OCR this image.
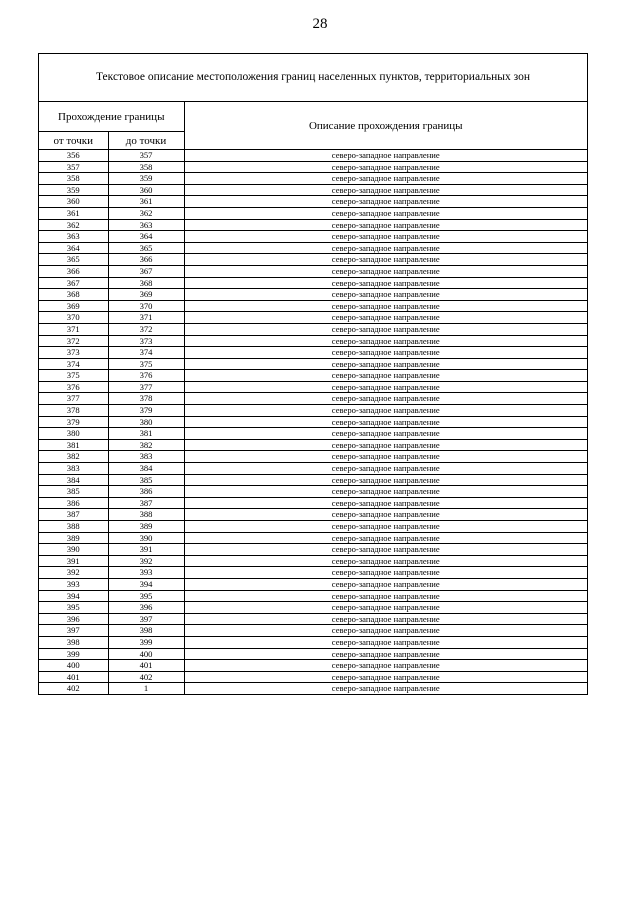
28
Текстовое описание местоположения границ населенных пунктов, территориальных зон
Прохождение границы		Описание прохождения границы
от точки	до точки	
356	357	северо-западное направление
357	358	северо-западное направление
358	359	северо-западное направление
359	360	северо-западное направление
360	361	северо-западное направление
361	362	северо-западное направление
362	363	северо-западное направление
363	364	северо-западное направление
364	365	северо-западное направление
365	366	северо-западное направление
366	367	северо-западное направление
367	368	северо-западное направление
368	369	северо-западное направление
369	370	северо-западное направление
370	371	северо-западное направление
371	372	северо-западное направление
372	373	северо-западное направление
373	374	северо-западное направление
374	375	северо-западное направление
375	376	северо-западное направление
376	377	северо-западное направление
377	378	северо-западное направление
378	379	северо-западное направление
379	380	северо-западное направление
380	381	северо-западное направление
381	382	северо-западное направление
382	383	северо-западное направление
383	384	северо-западное направление
384	385	северо-западное направление
385	386	северо-западное направление
386	387	северо-западное направление
387	388	северо-западное направление
388	389	северо-западное направление
389	390	северо-западное направление
390	391	северо-западное направление
391	392	северо-западное направление
392	393	северо-западное направление
393	394	северо-западное направление
394	395	северо-западное направление
395	396	северо-западное направление
396	397	северо-западное направление
397	398	северо-западное направление
398	399	северо-западное направление
399	400	северо-западное направление
400	401	северо-западное направление
401	402	северо-западное направление
402	1	северо-западное направление
